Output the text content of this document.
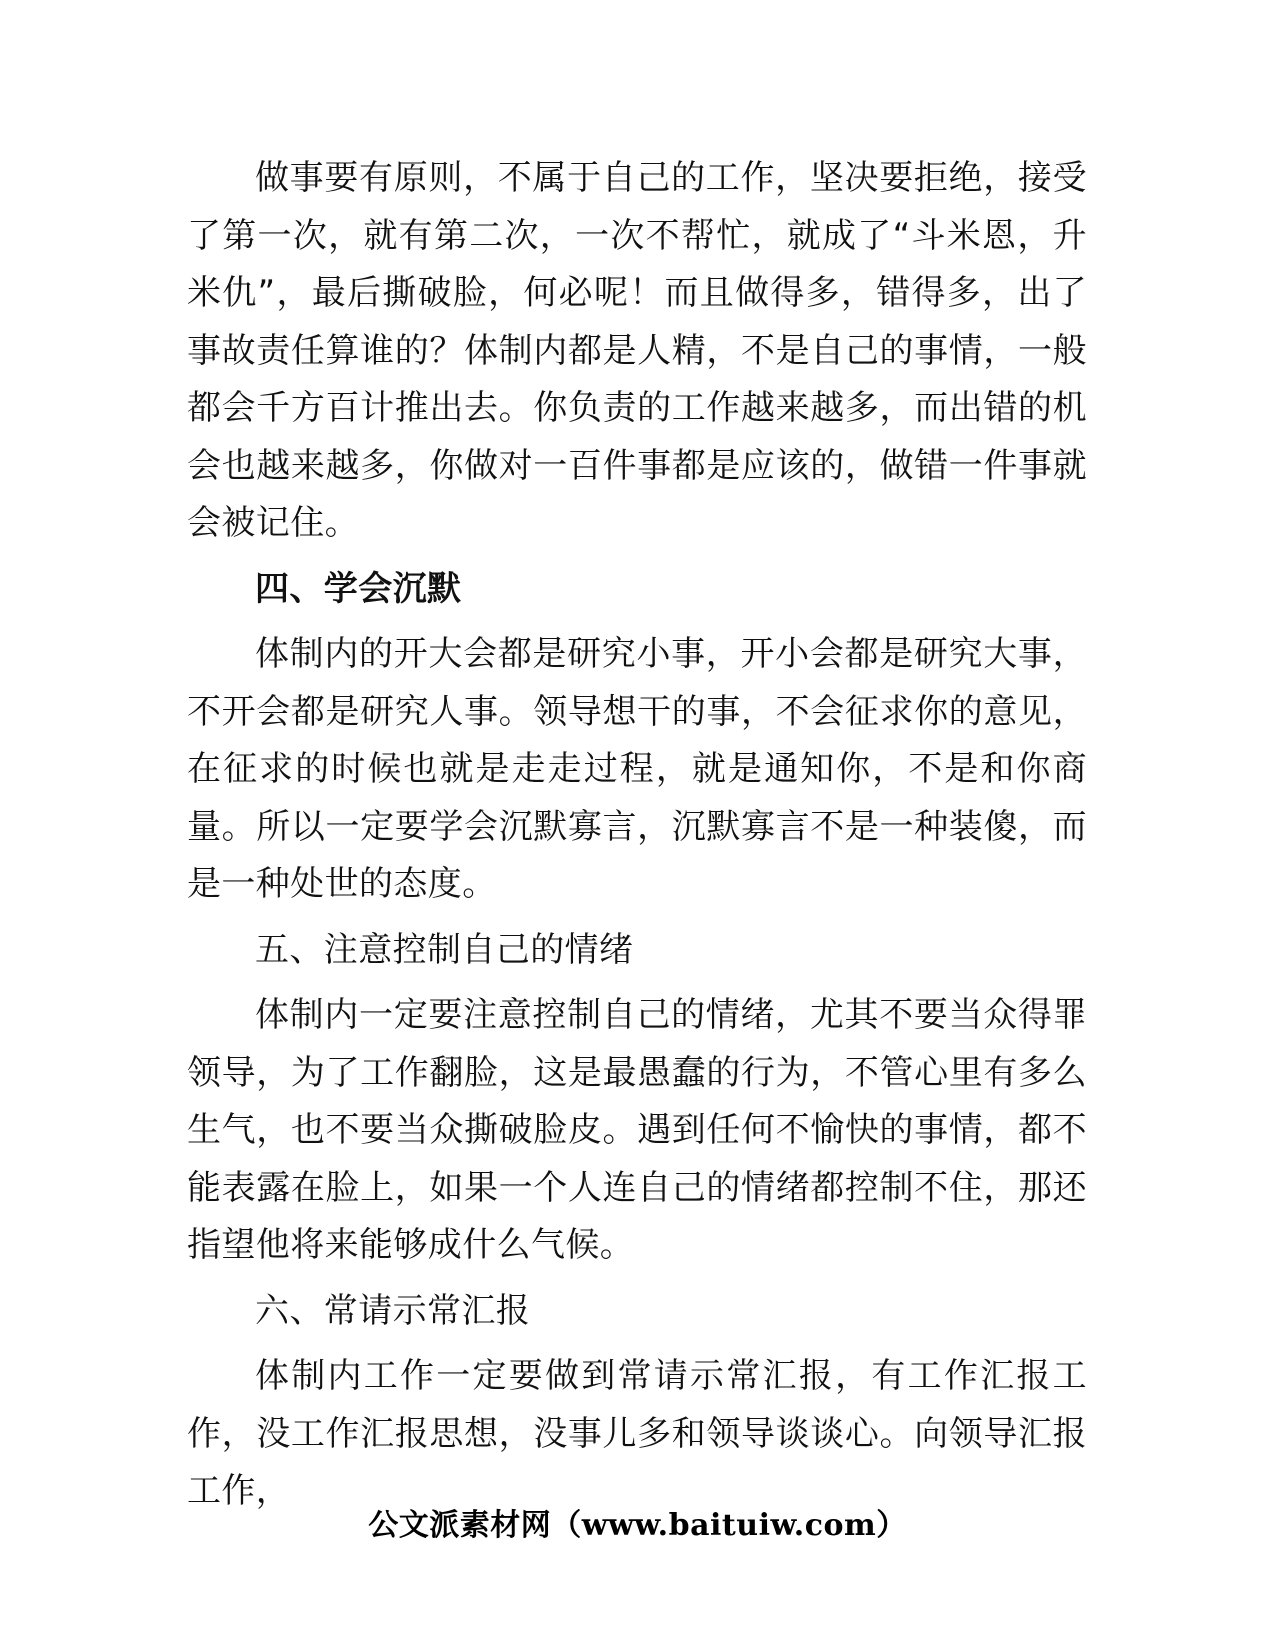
做事要有原则，不属于自己的工作，坚决要拒绝，接受了第一次，就有第二次，一次不帮忙，就成了“斗米恩，升米仇”，最后撕破脸，何必呢！而且做得多，错得多，出了事故责任算谁的？体制内都是人精，不是自己的事情，一般都会千方百计推出去。你负责的工作越来越多，而出错的机会也越来越多，你做对一百件事都是应该的，做错一件事就会被记住。

四、学会沉默

体制内的开大会都是研究小事，开小会都是研究大事，不开会都是研究人事。领导想干的事，不会征求你的意见，在征求的时候也就是走走过程，就是通知你，不是和你商量。所以一定要学会沉默寡言，沉默寡言不是一种装傻，而是一种处世的态度。

五、注意控制自己的情绪

体制内一定要注意控制自己的情绪，尤其不要当众得罪领导，为了工作翻脸，这是最愚蠢的行为，不管心里有多么生气，也不要当众撕破脸皮。遇到任何不愉快的事情，都不能表露在脸上，如果一个人连自己的情绪都控制不住，那还指望他将来能够成什么气候。

六、常请示常汇报

体制内工作一定要做到常请示常汇报，有工作汇报工作，没工作汇报思想，没事儿多和领导谈谈心。向领导汇报工作，

公文派素材网（www.baituiw.com）
